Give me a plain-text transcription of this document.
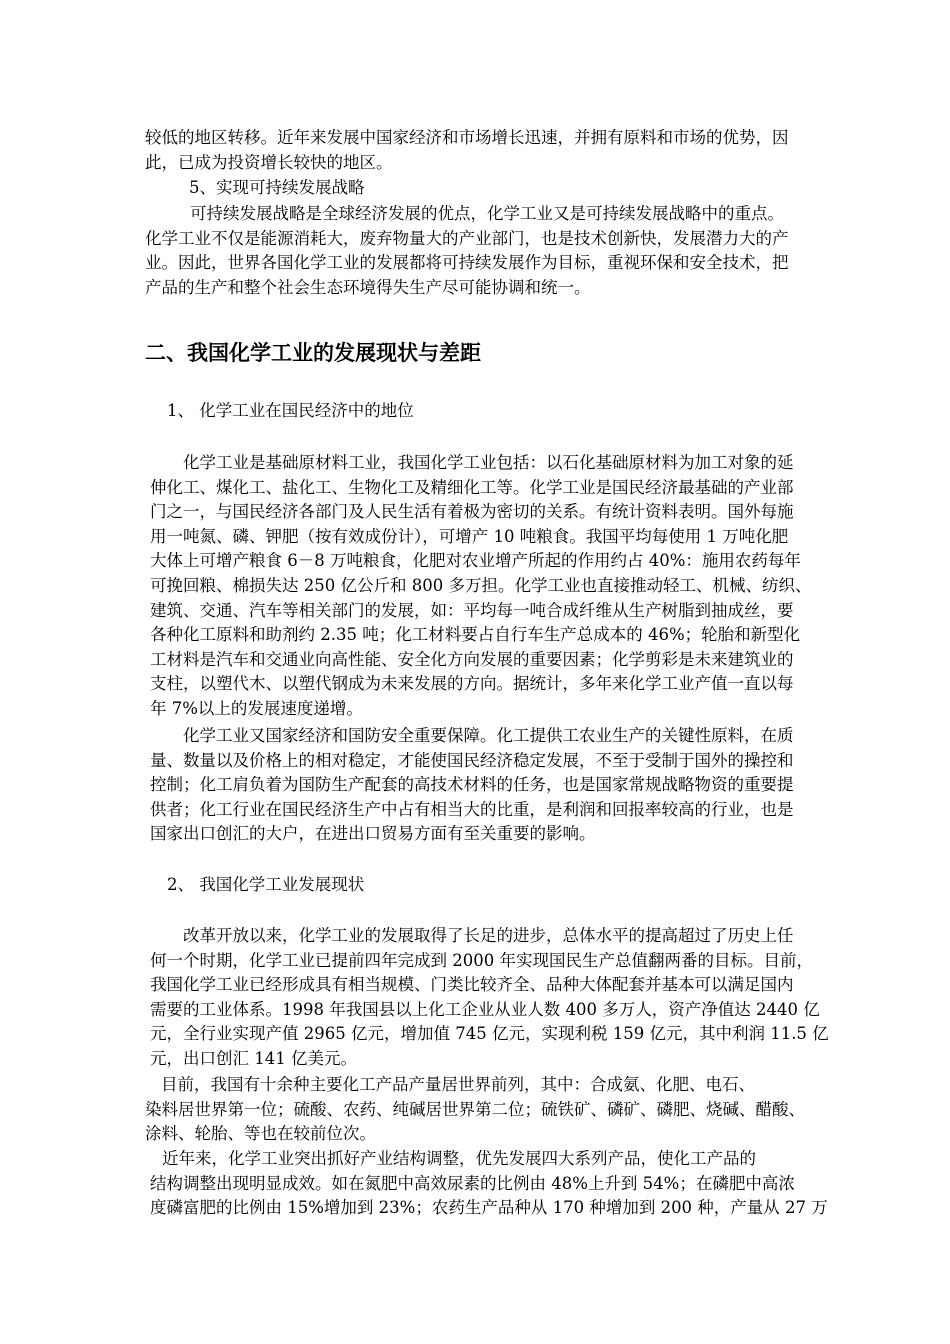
较低的地区转移。近年来发展中国家经济和市场增长迅速，并拥有原料和市场的优势，因
此，已成为投资增长较快的地区。
5、实现可持续发展战略
可持续发展战略是全球经济发展的优点，化学工业又是可持续发展战略中的重点。
化学工业不仅是能源消耗大，废弃物量大的产业部门，也是技术创新快，发展潜力大的产
业。因此，世界各国化学工业的发展都将可持续发展作为目标，重视环保和安全技术，把
产品的生产和整个社会生态环境得失生产尽可能协调和统一。
二、我国化学工业的发展现状与差距
1、 化学工业在国民经济中的地位
化学工业是基础原材料工业，我国化学工业包括：以石化基础原材料为加工对象的延
伸化工、煤化工、盐化工、生物化工及精细化工等。化学工业是国民经济最基础的产业部
门之一，与国民经济各部门及人民生活有着极为密切的关系。有统计资料表明。国外每施
用一吨氮、磷、钾肥（按有效成份计），可增产 10 吨粮食。我国平均每使用 1 万吨化肥
大体上可增产粮食 6－8 万吨粮食，化肥对农业增产所起的作用约占 40%：施用农药每年
可挽回粮、棉损失达 250 亿公斤和 800 多万担。化学工业也直接推动轻工、机械、纺织、
建筑、交通、汽车等相关部门的发展，如：平均每一吨合成纤维从生产树脂到抽成丝，要
各种化工原料和助剂约 2.35 吨；化工材料要占自行车生产总成本的 46%；轮胎和新型化
工材料是汽车和交通业向高性能、安全化方向发展的重要因素；化学剪彩是未来建筑业的
支柱，以塑代木、以塑代钢成为未来发展的方向。据统计，多年来化学工业产值一直以每
年 7%以上的发展速度递增。
化学工业又国家经济和国防安全重要保障。化工提供工农业生产的关键性原料，在质
量、数量以及价格上的相对稳定，才能使国民经济稳定发展，不至于受制于国外的操控和
控制；化工肩负着为国防生产配套的高技术材料的任务，也是国家常规战略物资的重要提
供者；化工行业在国民经济生产中占有相当大的比重，是利润和回报率较高的行业，也是
国家出口创汇的大户，在进出口贸易方面有至关重要的影响。
2、 我国化学工业发展现状
改革开放以来，化学工业的发展取得了长足的进步，总体水平的提高超过了历史上任
何一个时期，化学工业已提前四年完成到 2000 年实现国民生产总值翻两番的目标。目前，
我国化学工业已经形成具有相当规模、门类比较齐全、品种大体配套并基本可以满足国内
需要的工业体系。1998 年我国县以上化工企业从业人数 400 多万人，资产净值达 2440 亿
元，全行业实现产值 2965 亿元，增加值 745 亿元，实现利税 159 亿元，其中利润 11.5 亿
元，出口创汇 141 亿美元。
目前，我国有十余种主要化工产品产量居世界前列，其中：合成氨、化肥、电石、
染料居世界第一位；硫酸、农药、纯碱居世界第二位；硫铁矿、磷矿、磷肥、烧碱、醋酸、
涂料、轮胎、等也在较前位次。
近年来，化学工业突出抓好产业结构调整，优先发展四大系列产品，使化工产品的
结构调整出现明显成效。如在氮肥中高效尿素的比例由 48%上升到 54%；在磷肥中高浓
度磷富肥的比例由 15%增加到 23%；农药生产品种从 170 种增加到 200 种，产量从 27 万
